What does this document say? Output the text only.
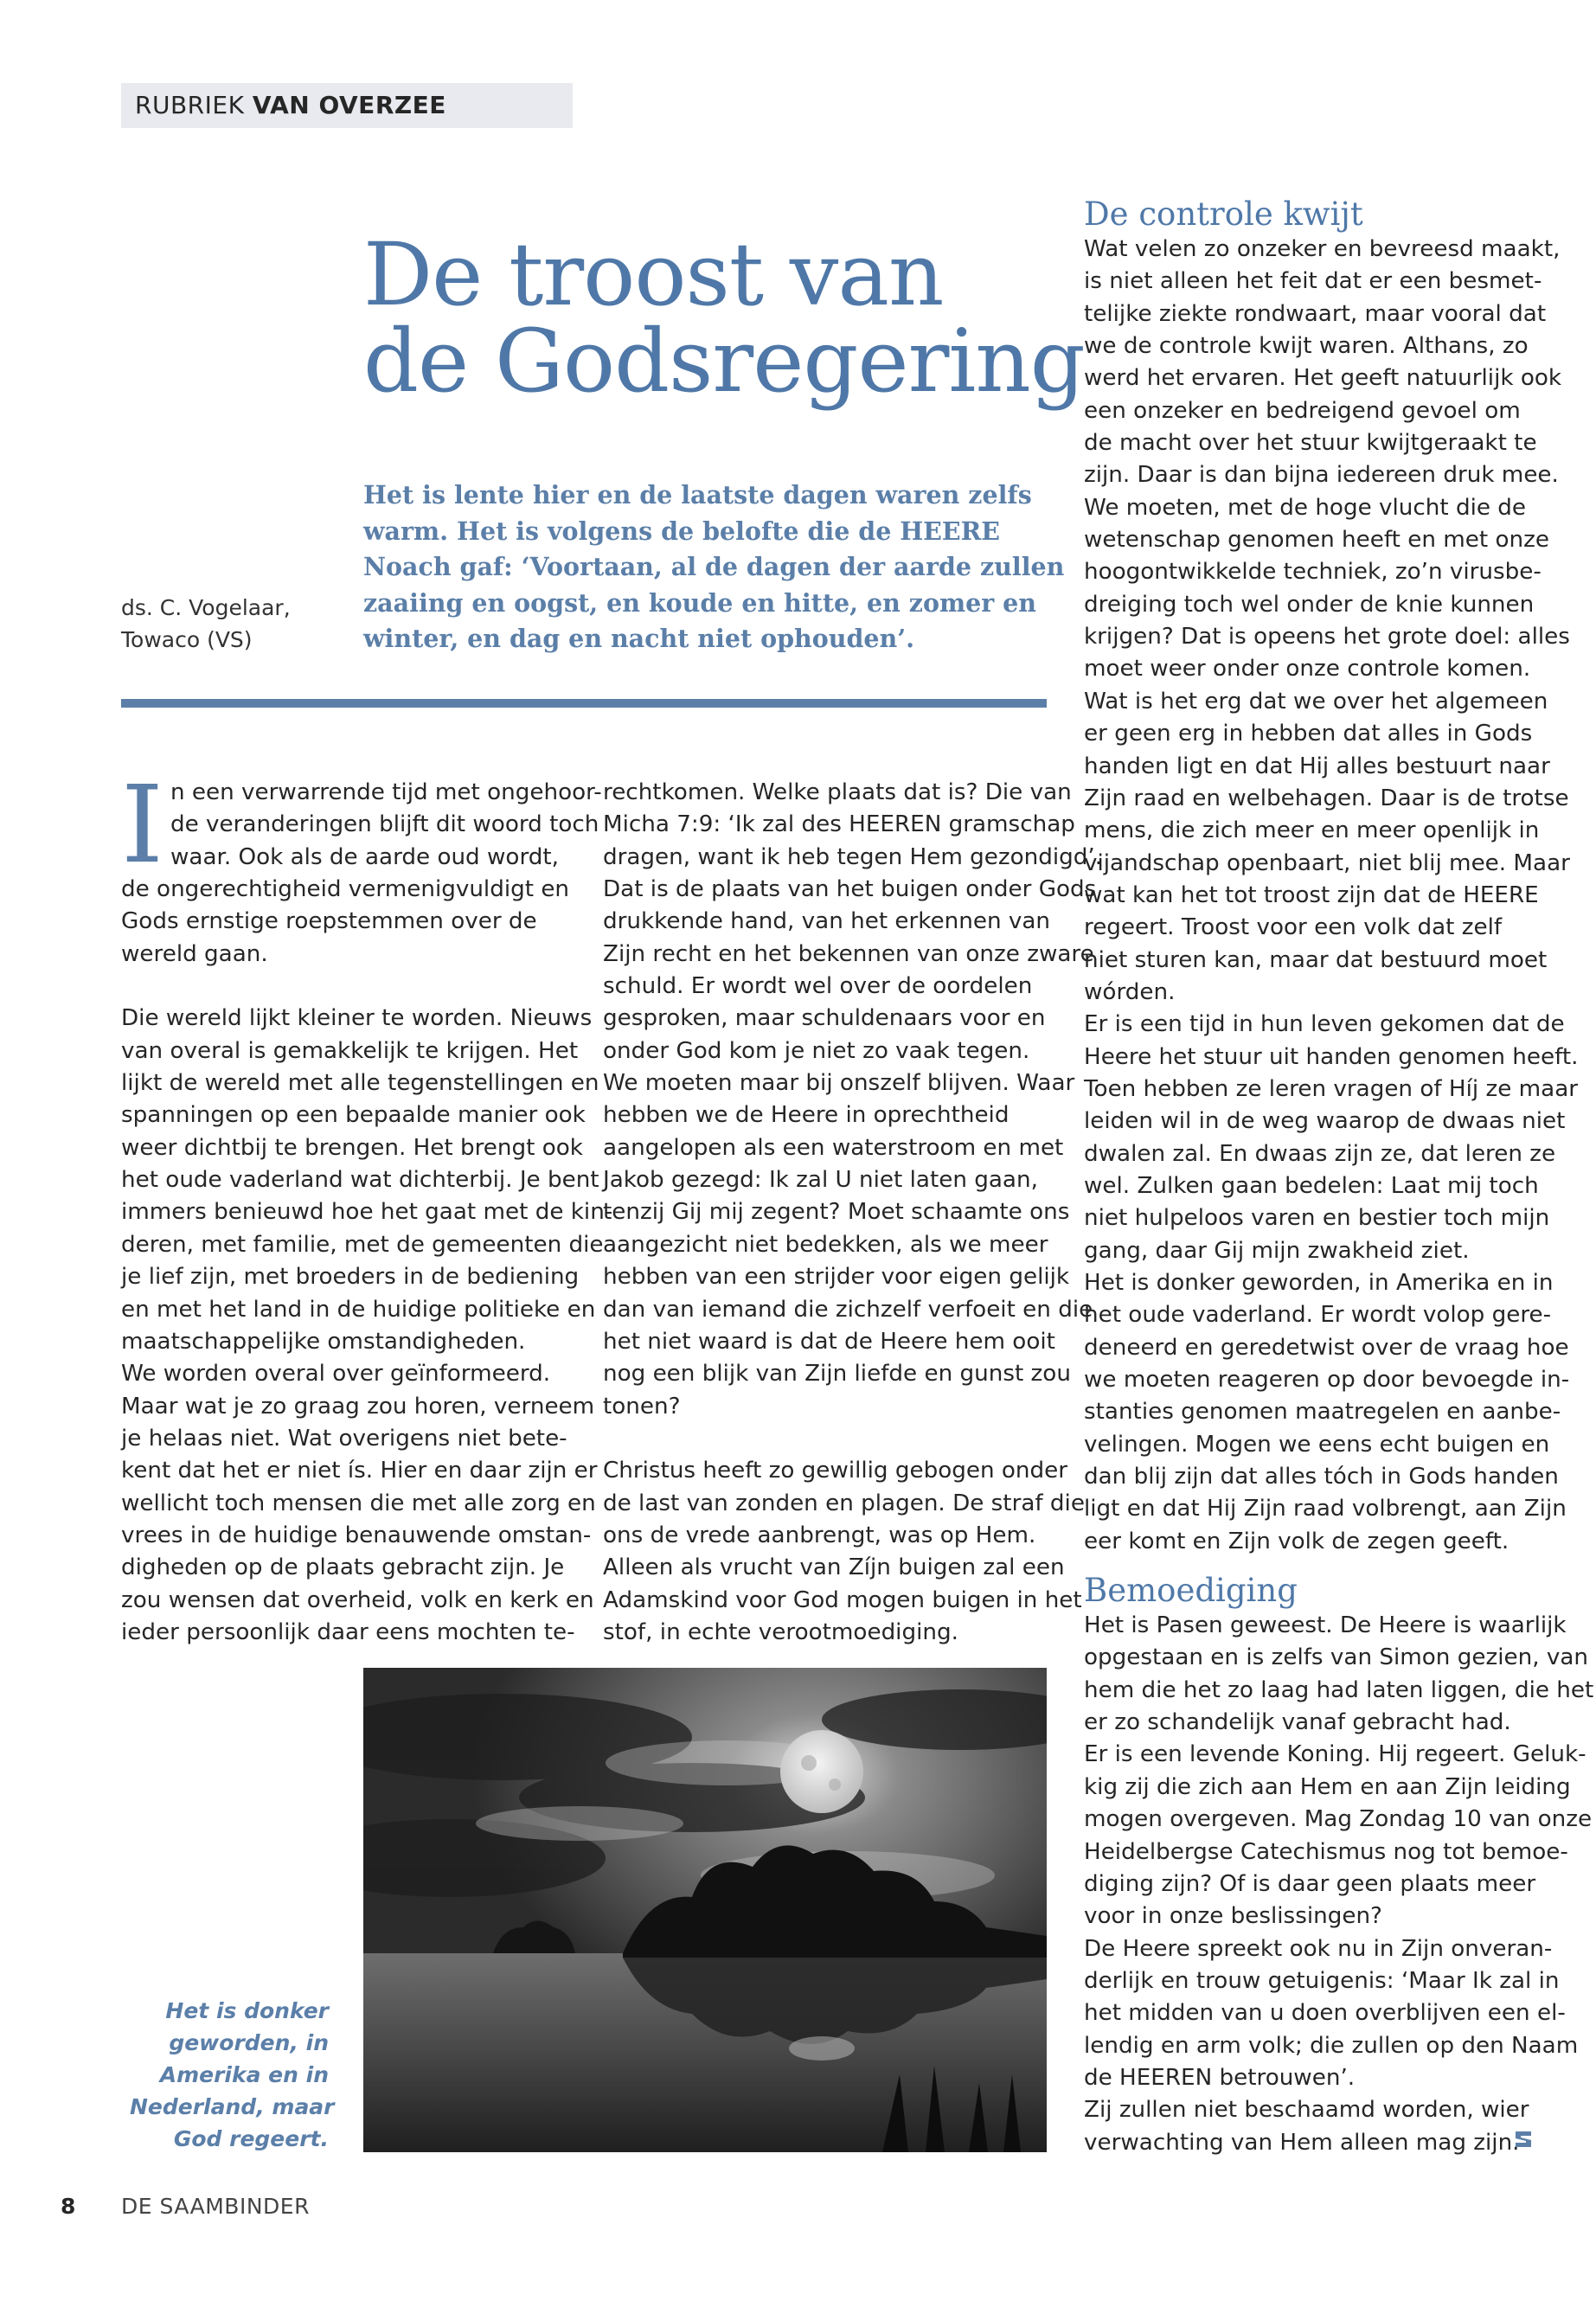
RUBRIEK VAN OVERZEE
De troost van
de Godsregering
ds. C. Vogelaar,
Towaco (VS)
Het is lente hier en de laatste dagen waren zelfs
warm. Het is volgens de belofte die de HEERE
Noach gaf: ‘Voortaan, al de dagen der aarde zullen
zaaiing en oogst, en koude en hitte, en zomer en
winter, en dag en nacht niet ophouden’.
I n een verwarrende tijd met ongehoor-
de veranderingen blijft dit woord toch
waar. Ook als de aarde oud wordt,
de ongerechtigheid vermenigvuldigt en
Gods ernstige roepstemmen over de
wereld gaan.
Die wereld lijkt kleiner te worden. Nieuws
van overal is gemakkelijk te krijgen. Het
lijkt de wereld met alle tegenstellingen en
spanningen op een bepaalde manier ook
weer dichtbij te brengen. Het brengt ook
het oude vaderland wat dichterbij. Je bent
immers benieuwd hoe het gaat met de kin-
deren, met familie, met de gemeenten die
je lief zijn, met broeders in de bediening
en met het land in de huidige politieke en
maatschappelijke omstandigheden.
We worden overal over geïnformeerd.
Maar wat je zo graag zou horen, verneem
je helaas niet. Wat overigens niet bete-
kent dat het er niet ís. Hier en daar zijn er
wellicht toch mensen die met alle zorg en
vrees in de huidige benauwende omstan-
digheden op de plaats gebracht zijn. Je
zou wensen dat overheid, volk en kerk en
ieder persoonlijk daar eens mochten te-
rechtkomen. Welke plaats dat is? Die van
Micha 7:9: ‘Ik zal des HEEREN gramschap
dragen, want ik heb tegen Hem gezondigd’.
Dat is de plaats van het buigen onder Gods
drukkende hand, van het erkennen van
Zijn recht en het bekennen van onze zware
schuld. Er wordt wel over de oordelen
gesproken, maar schuldenaars voor en
onder God kom je niet zo vaak tegen.
We moeten maar bij onszelf blijven. Waar
hebben we de Heere in oprechtheid
aangelopen als een waterstroom en met
Jakob gezegd: Ik zal U niet laten gaan,
tenzij Gij mij zegent? Moet schaamte ons
aangezicht niet bedekken, als we meer
hebben van een strijder voor eigen gelijk
dan van iemand die zichzelf verfoeit en die
het niet waard is dat de Heere hem ooit
nog een blijk van Zijn liefde en gunst zou
tonen?
Christus heeft zo gewillig gebogen onder
de last van zonden en plagen. De straf die
ons de vrede aanbrengt, was op Hem.
Alleen als vrucht van Zíjn buigen zal een
Adamskind voor God mogen buigen in het
stof, in echte verootmoediging.
De controle kwijt
Wat velen zo onzeker en bevreesd maakt,
is niet alleen het feit dat er een besmet-
telijke ziekte rondwaart, maar vooral dat
we de controle kwijt waren. Althans, zo
werd het ervaren. Het geeft natuurlijk ook
een onzeker en bedreigend gevoel om
de macht over het stuur kwijtgeraakt te
zijn. Daar is dan bijna iedereen druk mee.
We moeten, met de hoge vlucht die de
wetenschap genomen heeft en met onze
hoogontwikkelde techniek, zo’n virusbe-
dreiging toch wel onder de knie kunnen
krijgen? Dat is opeens het grote doel: alles
moet weer onder onze controle komen.
Wat is het erg dat we over het algemeen
er geen erg in hebben dat alles in Gods
handen ligt en dat Hij alles bestuurt naar
Zijn raad en welbehagen. Daar is de trotse
mens, die zich meer en meer openlijk in
vijandschap openbaart, niet blij mee. Maar
wat kan het tot troost zijn dat de HEERE
regeert. Troost voor een volk dat zelf
niet sturen kan, maar dat bestuurd moet
wórden.
Er is een tijd in hun leven gekomen dat de
Heere het stuur uit handen genomen heeft.
Toen hebben ze leren vragen of Híj ze maar
leiden wil in de weg waarop de dwaas niet
dwalen zal. En dwaas zijn ze, dat leren ze
wel. Zulken gaan bedelen: Laat mij toch
niet hulpeloos varen en bestier toch mijn
gang, daar Gij mijn zwakheid ziet.
Het is donker geworden, in Amerika en in
het oude vaderland. Er wordt volop gere-
deneerd en geredetwist over de vraag hoe
we moeten reageren op door bevoegde in-
stanties genomen maatregelen en aanbe-
velingen. Mogen we eens echt buigen en
dan blij zijn dat alles tóch in Gods handen
ligt en dat Hij Zijn raad volbrengt, aan Zijn
eer komt en Zijn volk de zegen geeft.
Bemoediging
Het is Pasen geweest. De Heere is waarlijk
opgestaan en is zelfs van Simon gezien, van
hem die het zo laag had laten liggen, die het
er zo schandelijk vanaf gebracht had.
Er is een levende Koning. Hij regeert. Geluk-
kig zij die zich aan Hem en aan Zijn leiding
mogen overgeven. Mag Zondag 10 van onze
Heidelbergse Catechismus nog tot bemoe-
diging zijn? Of is daar geen plaats meer
voor in onze beslissingen?
De Heere spreekt ook nu in Zijn onveran-
derlijk en trouw getuigenis: ‘Maar Ik zal in
het midden van u doen overblijven een el-
lendig en arm volk; die zullen op den Naam
de HEEREN betrouwen’.
Zij zullen niet beschaamd worden, wier
verwachting van Hem alleen mag zijn.
Het is donker
geworden, in
Amerika en in
Nederland, maar
God regeert.
8 DE SAAMBINDER
